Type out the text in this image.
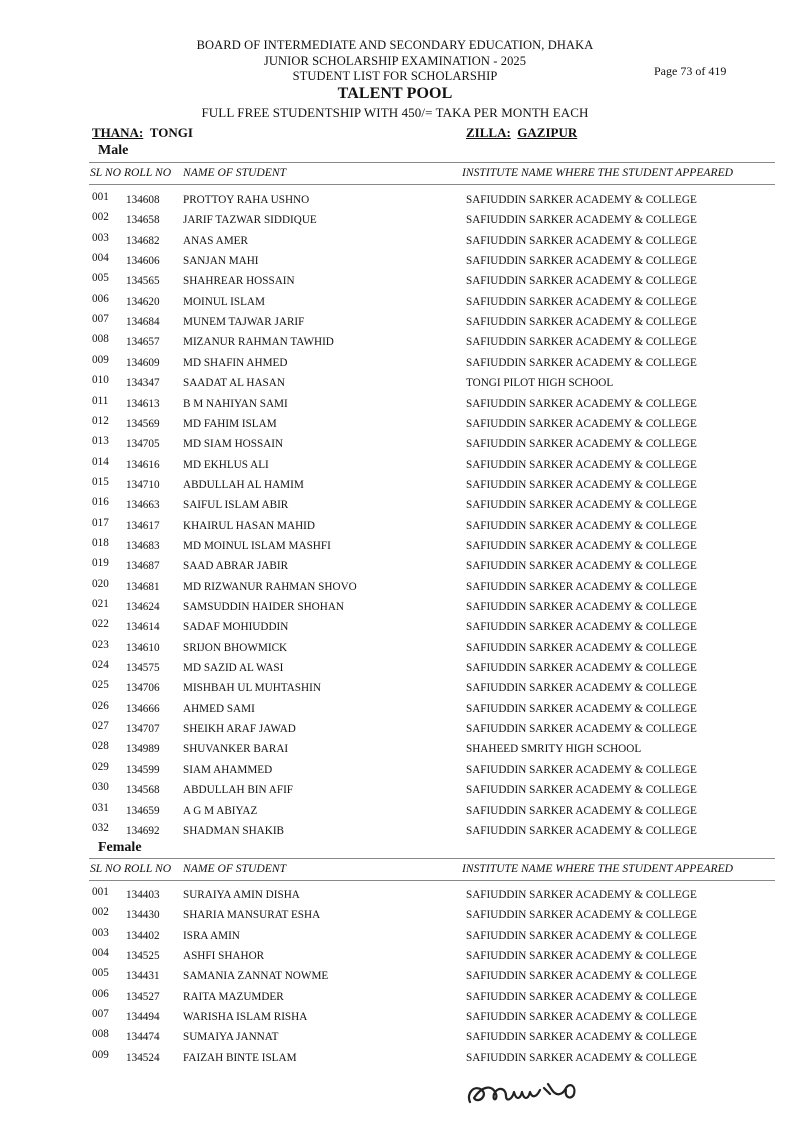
BOARD OF INTERMEDIATE AND SECONDARY EDUCATION, DHAKA
JUNIOR SCHOLARSHIP EXAMINATION - 2025
STUDENT LIST FOR SCHOLARSHIP
TALENT POOL
FULL FREE STUDENTSHIP WITH 450/= TAKA PER MONTH EACH
Page 73 of 419
THANA: TONGI	ZILLA: GAZIPUR
Male
SL NO ROLL NO NAME OF STUDENT	INSTITUTE NAME WHERE THE STUDENT APPEARED
001 134608 PROTTOY RAHA USHNO	SAFIUDDIN SARKER ACADEMY & COLLEGE
002 134658 JARIF TAZWAR SIDDIQUE	SAFIUDDIN SARKER ACADEMY & COLLEGE
003 134682 ANAS AMER	SAFIUDDIN SARKER ACADEMY & COLLEGE
004 134606 SANJAN MAHI	SAFIUDDIN SARKER ACADEMY & COLLEGE
005 134565 SHAHREAR HOSSAIN	SAFIUDDIN SARKER ACADEMY & COLLEGE
006 134620 MOINUL ISLAM	SAFIUDDIN SARKER ACADEMY & COLLEGE
007 134684 MUNEM TAJWAR JARIF	SAFIUDDIN SARKER ACADEMY & COLLEGE
008 134657 MIZANUR RAHMAN TAWHID	SAFIUDDIN SARKER ACADEMY & COLLEGE
009 134609 MD SHAFIN AHMED	SAFIUDDIN SARKER ACADEMY & COLLEGE
010 134347 SAADAT AL HASAN	TONGI PILOT HIGH SCHOOL
011 134613 B M NAHIYAN SAMI	SAFIUDDIN SARKER ACADEMY & COLLEGE
012 134569 MD FAHIM ISLAM	SAFIUDDIN SARKER ACADEMY & COLLEGE
013 134705 MD SIAM HOSSAIN	SAFIUDDIN SARKER ACADEMY & COLLEGE
014 134616 MD EKHLUS ALI	SAFIUDDIN SARKER ACADEMY & COLLEGE
015 134710 ABDULLAH AL HAMIM	SAFIUDDIN SARKER ACADEMY & COLLEGE
016 134663 SAIFUL ISLAM ABIR	SAFIUDDIN SARKER ACADEMY & COLLEGE
017 134617 KHAIRUL HASAN MAHID	SAFIUDDIN SARKER ACADEMY & COLLEGE
018 134683 MD MOINUL ISLAM MASHFI	SAFIUDDIN SARKER ACADEMY & COLLEGE
019 134687 SAAD ABRAR JABIR	SAFIUDDIN SARKER ACADEMY & COLLEGE
020 134681 MD RIZWANUR RAHMAN SHOVO	SAFIUDDIN SARKER ACADEMY & COLLEGE
021 134624 SAMSUDDIN HAIDER SHOHAN	SAFIUDDIN SARKER ACADEMY & COLLEGE
022 134614 SADAF MOHIUDDIN	SAFIUDDIN SARKER ACADEMY & COLLEGE
023 134610 SRIJON BHOWMICK	SAFIUDDIN SARKER ACADEMY & COLLEGE
024 134575 MD SAZID AL WASI	SAFIUDDIN SARKER ACADEMY & COLLEGE
025 134706 MISHBAH UL MUHTASHIN	SAFIUDDIN SARKER ACADEMY & COLLEGE
026 134666 AHMED SAMI	SAFIUDDIN SARKER ACADEMY & COLLEGE
027 134707 SHEIKH ARAF JAWAD	SAFIUDDIN SARKER ACADEMY & COLLEGE
028 134989 SHUVANKER BARAI	SHAHEED SMRITY HIGH SCHOOL
029 134599 SIAM AHAMMED	SAFIUDDIN SARKER ACADEMY & COLLEGE
030 134568 ABDULLAH BIN AFIF	SAFIUDDIN SARKER ACADEMY & COLLEGE
031 134659 A G M ABIYAZ	SAFIUDDIN SARKER ACADEMY & COLLEGE
032 134692 SHADMAN SHAKIB	SAFIUDDIN SARKER ACADEMY & COLLEGE
Female
SL NO ROLL NO NAME OF STUDENT	INSTITUTE NAME WHERE THE STUDENT APPEARED
001 134403 SURAIYA AMIN DISHA	SAFIUDDIN SARKER ACADEMY & COLLEGE
002 134430 SHARIA MANSURAT ESHA	SAFIUDDIN SARKER ACADEMY & COLLEGE
003 134402 ISRA AMIN	SAFIUDDIN SARKER ACADEMY & COLLEGE
004 134525 ASHFI SHAHOR	SAFIUDDIN SARKER ACADEMY & COLLEGE
005 134431 SAMANIA ZANNAT NOWME	SAFIUDDIN SARKER ACADEMY & COLLEGE
006 134527 RAITA MAZUMDER	SAFIUDDIN SARKER ACADEMY & COLLEGE
007 134494 WARISHA ISLAM RISHA	SAFIUDDIN SARKER ACADEMY & COLLEGE
008 134474 SUMAIYA JANNAT	SAFIUDDIN SARKER ACADEMY & COLLEGE
009 134524 FAIZAH BINTE ISLAM	SAFIUDDIN SARKER ACADEMY & COLLEGE
